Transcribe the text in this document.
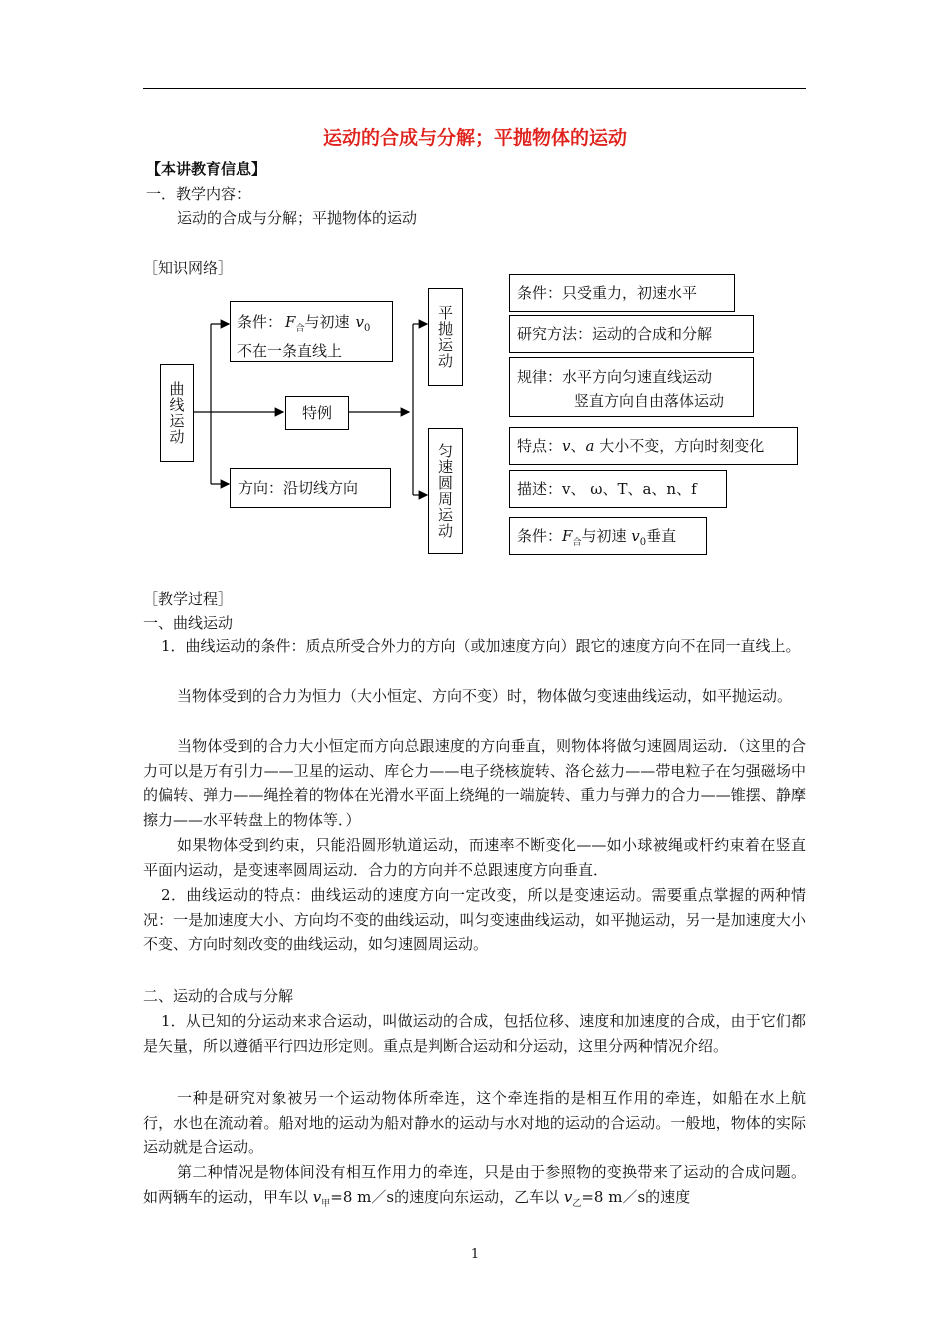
运动的合成与分解；平抛物体的运动
【本讲教育信息】
一．教学内容：
运动的合成与分解；平抛物体的运动
［知识网络］
曲线运动
条件： $F_合$与初速 $v_0$
不在一条直线上
特例
方向：沿切线方向
平抛运动
匀速圆周运动
条件：只受重力，初速水平
研究方法：运动的合成和分解
规律：水平方向匀速直线运动
竖直方向自由落体运动
特点：v、a 大小不变，方向时刻变化
描述：v、 ω、T、a、n、f
条件：$F_合$与初速 $v_0$垂直
［教学过程］
一、曲线运动
1．曲线运动的条件：质点所受合外力的方向（或加速度方向）跟它的速度方向不在同一直线上。
当物体受到的合力为恒力（大小恒定、方向不变）时，物体做匀变速曲线运动，如平抛运动。
当物体受到的合力大小恒定而方向总跟速度的方向垂直，则物体将做匀速圆周运动．（这里的合力可以是万有引力——卫星的运动、库仑力——电子绕核旋转、洛仑兹力——带电粒子在匀强磁场中的偏转、弹力——绳拴着的物体在光滑水平面上绕绳的一端旋转、重力与弹力的合力——锥摆、静摩擦力——水平转盘上的物体等．）
如果物体受到约束，只能沿圆形轨道运动，而速率不断变化——如小球被绳或杆约束着在竖直平面内运动，是变速率圆周运动．合力的方向并不总跟速度方向垂直．
2．曲线运动的特点：曲线运动的速度方向一定改变，所以是变速运动。需要重点掌握的两种情况：一是加速度大小、方向均不变的曲线运动，叫匀变速曲线运动，如平抛运动，另一是加速度大小不变、方向时刻改变的曲线运动，如匀速圆周运动。
二、运动的合成与分解
1．从已知的分运动来求合运动，叫做运动的合成，包括位移、速度和加速度的合成，由于它们都是矢量，所以遵循平行四边形定则。重点是判断合运动和分运动，这里分两种情况介绍。
一种是研究对象被另一个运动物体所牵连，这个牵连指的是相互作用的牵连，如船在水上航行，水也在流动着。船对地的运动为船对静水的运动与水对地的运动的合运动。一般地，物体的实际运动就是合运动。
第二种情况是物体间没有相互作用力的牵连，只是由于参照物的变换带来了运动的合成问题。如两辆车的运动，甲车以 $v_甲=8$ m／s的速度向东运动，乙车以 $v_乙=8$ m／s的速度
1
